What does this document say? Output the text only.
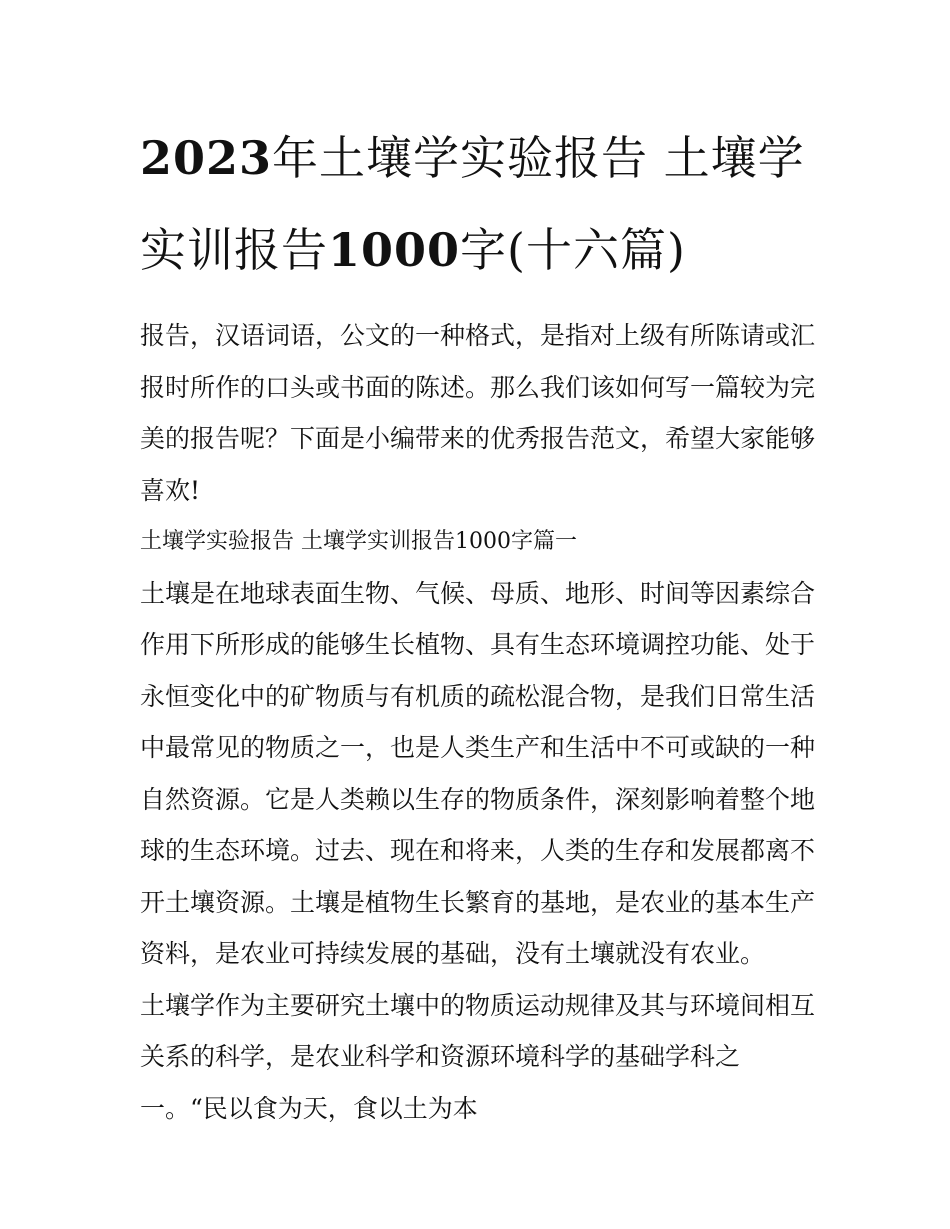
2023年土壤学实验报告 土壤学实训报告1000字(十六篇)

报告，汉语词语，公文的一种格式，是指对上级有所陈请或汇报时所作的口头或书面的陈述。那么我们该如何写一篇较为完美的报告呢？下面是小编带来的优秀报告范文，希望大家能够喜欢!

土壤学实验报告 土壤学实训报告1000字篇一

土壤是在地球表面生物、气候、母质、地形、时间等因素综合作用下所形成的能够生长植物、具有生态环境调控功能、处于永恒变化中的矿物质与有机质的疏松混合物，是我们日常生活中最常见的物质之一，也是人类生产和生活中不可或缺的一种自然资源。它是人类赖以生存的物质条件，深刻影响着整个地球的生态环境。过去、现在和将来，人类的生存和发展都离不开土壤资源。土壤是植物生长繁育的基地，是农业的基本生产资料，是农业可持续发展的基础，没有土壤就没有农业。

土壤学作为主要研究土壤中的物质运动规律及其与环境间相互关系的科学，是农业科学和资源环境科学的基础学科之

一。“民以食为天，食以土为本
